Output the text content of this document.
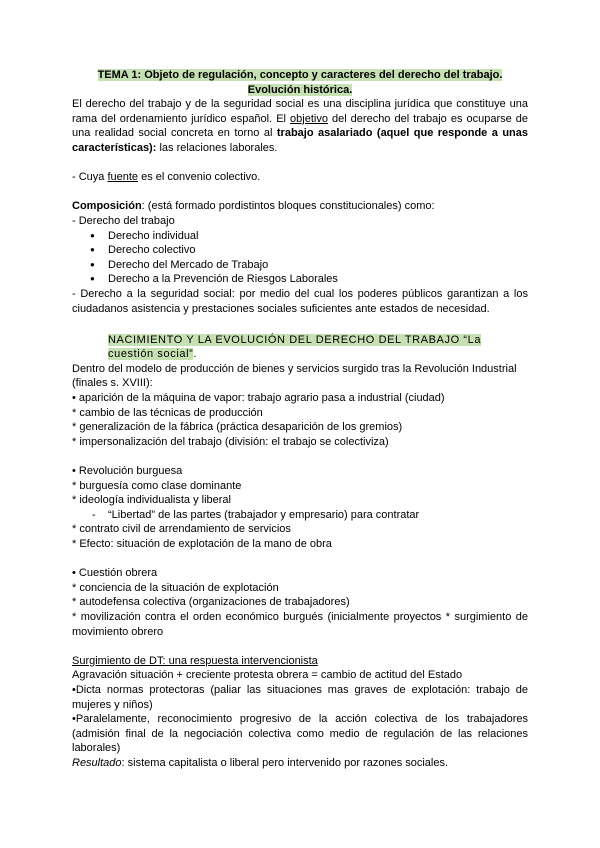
TEMA 1: Objeto de regulación, concepto y caracteres del derecho del trabajo.
Evolución histórica.

El derecho del trabajo y de la seguridad social es una disciplina jurídica que constituye una rama del ordenamiento jurídico español. El objetivo del derecho del trabajo es ocuparse de una realidad social concreta en torno al trabajo asalariado (aquel que responde a unas características): las relaciones laborales.

- Cuya fuente es el convenio colectivo.

Composición: (está formado pordistintos bloques constitucionales) como:

- Derecho del trabajo

● Derecho individual
● Derecho colectivo
● Derecho del Mercado de Trabajo
● Derecho a la Prevención de Riesgos Laborales

- Derecho a la seguridad social: por medio del cual los poderes públicos garantizan a los ciudadanos asistencia y prestaciones sociales suficientes ante estados de necesidad.

NACIMIENTO Y LA EVOLUCIÓN DEL DERECHO DEL TRABAJO “La cuestión social”.

Dentro del modelo de producción de bienes y servicios surgido tras la Revolución Industrial (finales s. XVIII):

• aparición de la máquina de vapor: trabajo agrario pasa a industrial (ciudad)

* cambio de las técnicas de producción

* generalización de la fábrica (práctica desaparición de los gremios)

* impersonalización del trabajo (división: el trabajo se colectiviza)

• Revolución burguesa

* burguesía como clase dominante

* ideología individualista y liberal

- “Libertad” de las partes (trabajador y empresario) para contratar

* contrato civil de arrendamiento de servicios

* Efecto: situación de explotación de la mano de obra

• Cuestión obrera

* conciencia de la situación de explotación

* autodefensa colectiva (organizaciones de trabajadores)

* movilización contra el orden económico burgués (inicialmente proyectos * surgimiento de movimiento obrero

Surgimiento de DT: una respuesta intervencionista

Agravación situación + creciente protesta obrera = cambio de actitud del Estado

•Dicta normas protectoras (paliar las situaciones mas graves de explotación: trabajo de mujeres y niños)

•Paralelamente, reconocimiento progresivo de la acción colectiva de los trabajadores (admisión final de la negociación colectiva como medio de regulación de las relaciones laborales)

Resultado: sistema capitalista o liberal pero intervenido por razones sociales.
